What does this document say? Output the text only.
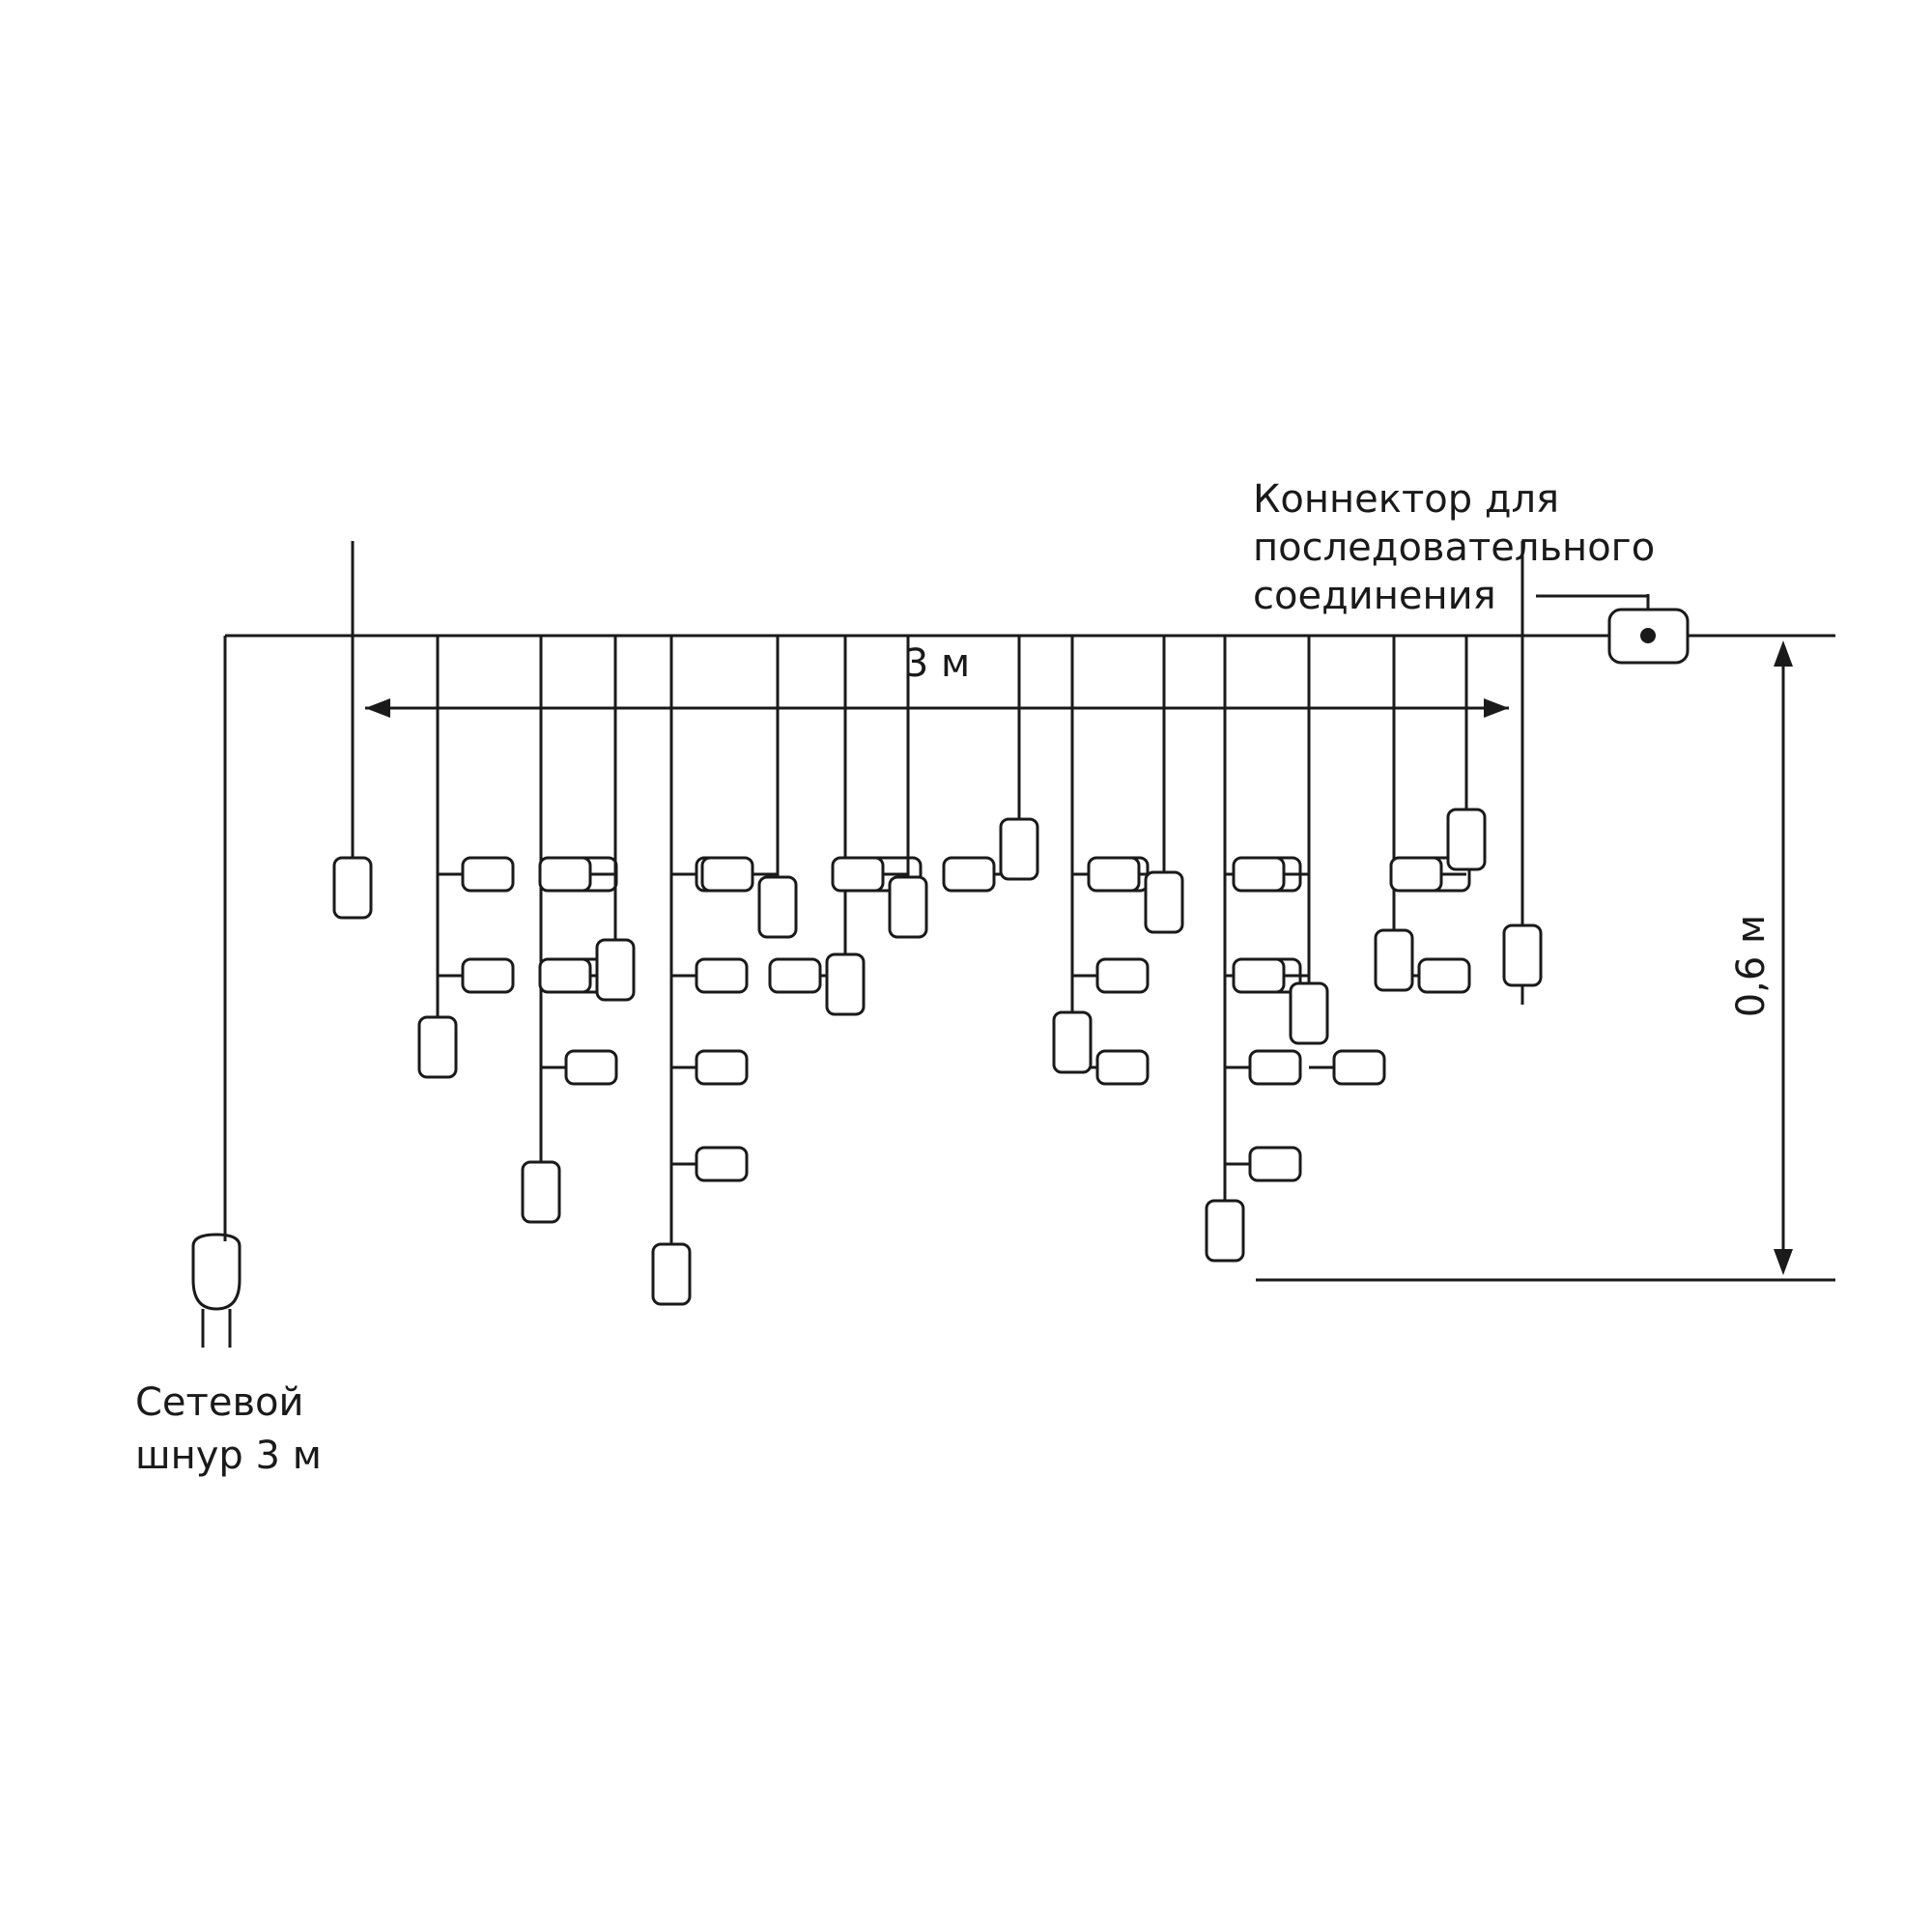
3 м
0,6 м
Коннектор для
последовательного
соединения
Сетевой
шнур 3 м
